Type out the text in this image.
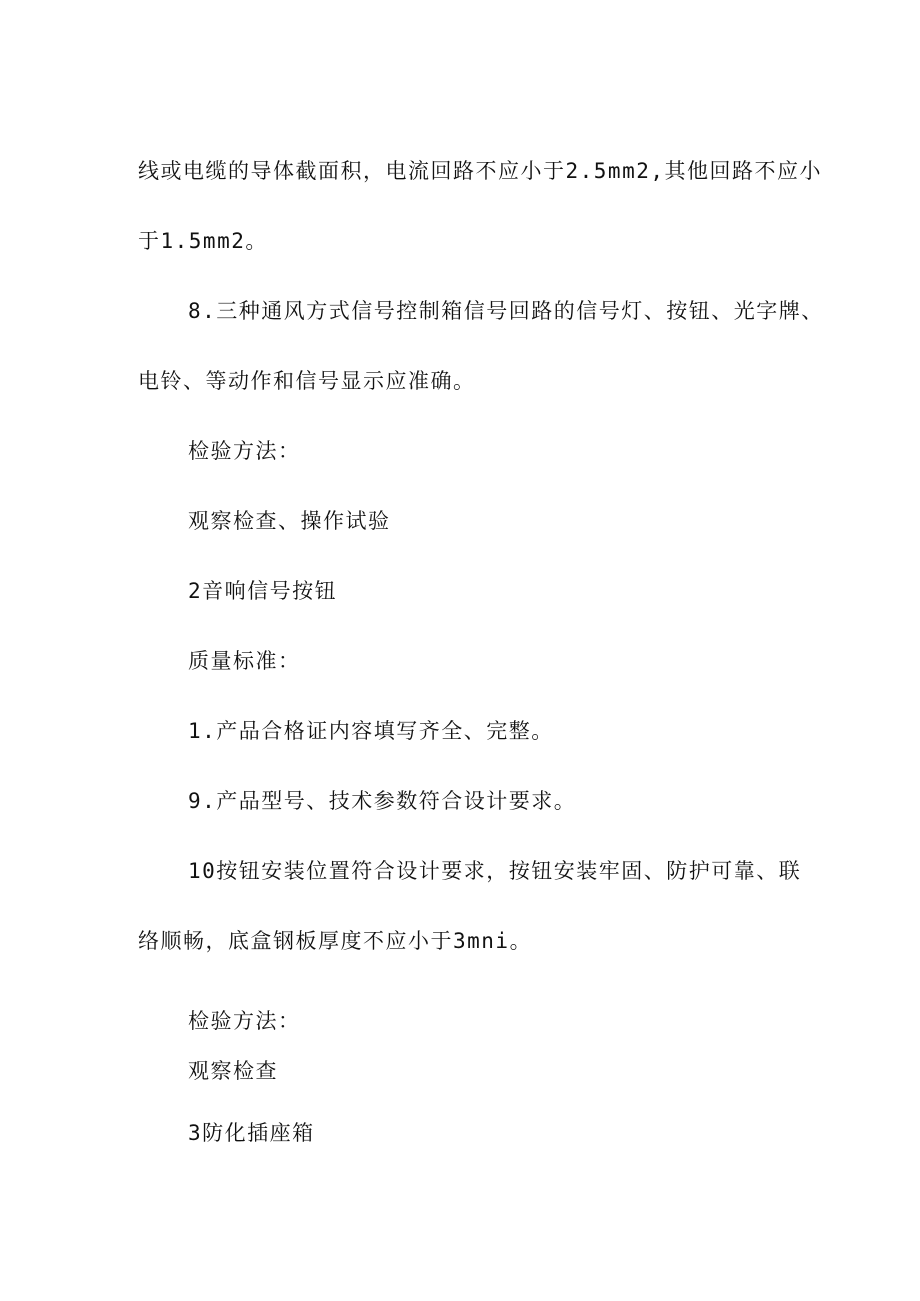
线或电缆的导体截面积，电流回路不应小于2.5mm2,其他回路不应小
于1.5mm2。
8.三种通风方式信号控制箱信号回路的信号灯、按钮、光字牌、
电铃、等动作和信号显示应准确。
检验方法：
观察检查、操作试验
2音响信号按钮
质量标准：
1.产品合格证内容填写齐全、完整。
9.产品型号、技术参数符合设计要求。
10按钮安装位置符合设计要求，按钮安装牢固、防护可靠、联
络顺畅，底盒钢板厚度不应小于3mni。
检验方法：
观察检查
3防化插座箱
